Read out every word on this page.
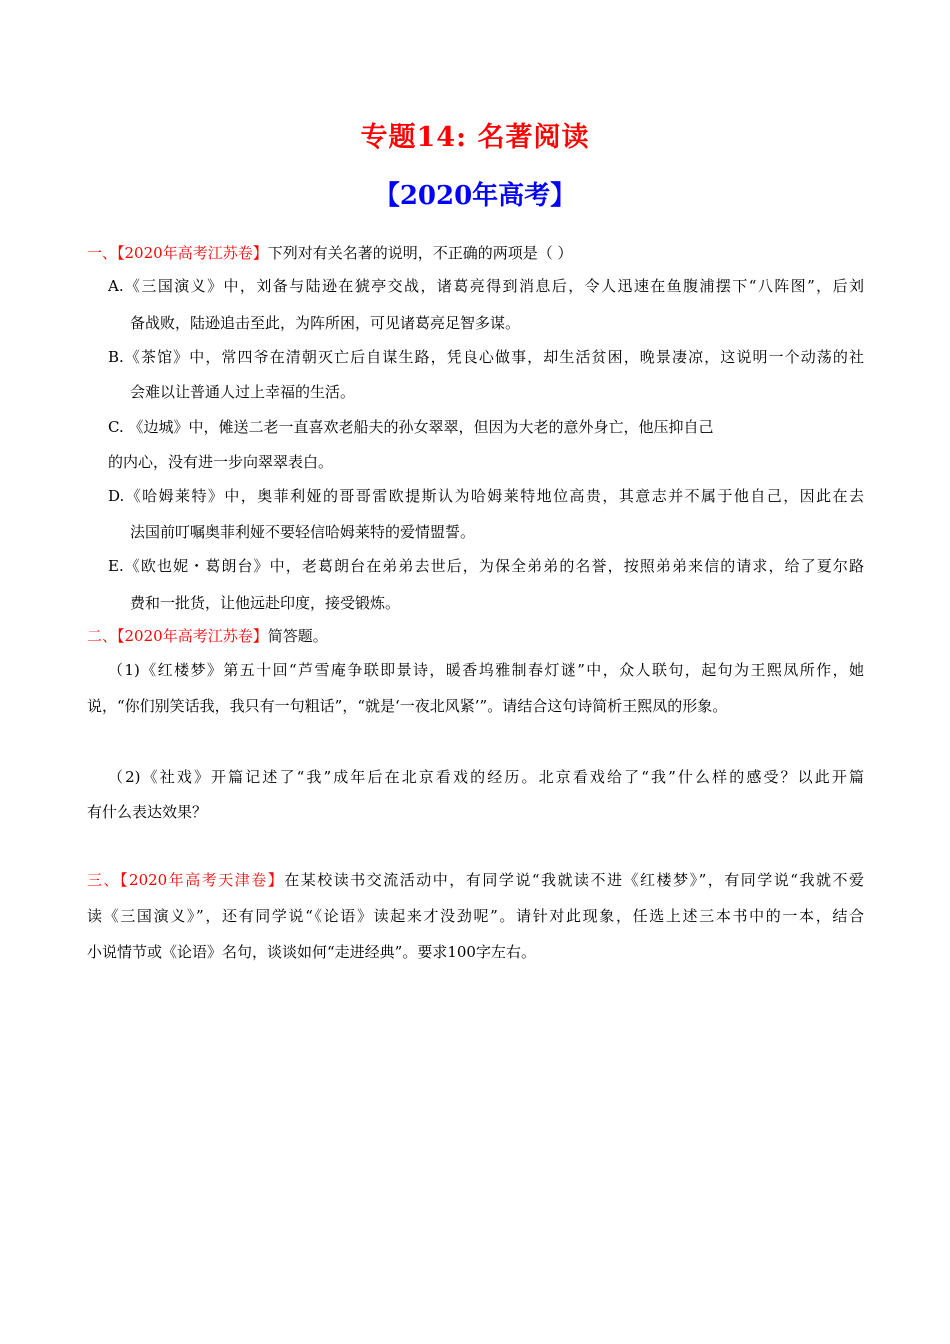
专题14: 名著阅读
【2020年高考】
一、【2020年高考江苏卷】下列对有关名著的说明，不正确的两项是（ ）
A.《三国演义》中，刘备与陆逊在猇亭交战，诸葛亮得到消息后，令人迅速在鱼腹浦摆下“八阵图”，后刘
备战败，陆逊追击至此，为阵所困，可见诸葛亮足智多谋。
B.《茶馆》中，常四爷在清朝灭亡后自谋生路，凭良心做事，却生活贫困，晚景凄凉，这说明一个动荡的社
会难以让普通人过上幸福的生活。
C. 《边城》中，傩送二老一直喜欢老船夫的孙女翠翠，但因为大老的意外身亡，他压抑自己
的内心，没有进一步向翠翠表白。
D.《哈姆莱特》中，奥菲利娅的哥哥雷欧提斯认为哈姆莱特地位高贵，其意志并不属于他自己，因此在去
法国前叮嘱奥菲利娅不要轻信哈姆莱特的爱情盟誓。
E.《欧也妮・葛朗台》中，老葛朗台在弟弟去世后，为保全弟弟的名誉，按照弟弟来信的请求，给了夏尔路
费和一批货，让他远赴印度，接受锻炼。
二、【2020年高考江苏卷】简答题。
（1)《红楼梦》第五十回“芦雪庵争联即景诗，暖香坞雅制春灯谜”中，众人联句，起句为王熙凤所作，她
说，“你们别笑话我，我只有一句粗话”，“就是‘一夜北风紧’”。请结合这句诗简析王熙凤的形象。
（2)《社戏》开篇记述了“我”成年后在北京看戏的经历。北京看戏给了“我”什么样的感受？以此开篇
有什么表达效果？
三、【2020年高考天津卷】在某校读书交流活动中，有同学说“我就读不进《红楼梦》”，有同学说“我就不爱
读《三国演义》”，还有同学说“《论语》读起来才没劲呢”。请针对此现象，任选上述三本书中的一本，结合
小说情节或《论语》名句，谈谈如何“走进经典”。要求100字左右。
